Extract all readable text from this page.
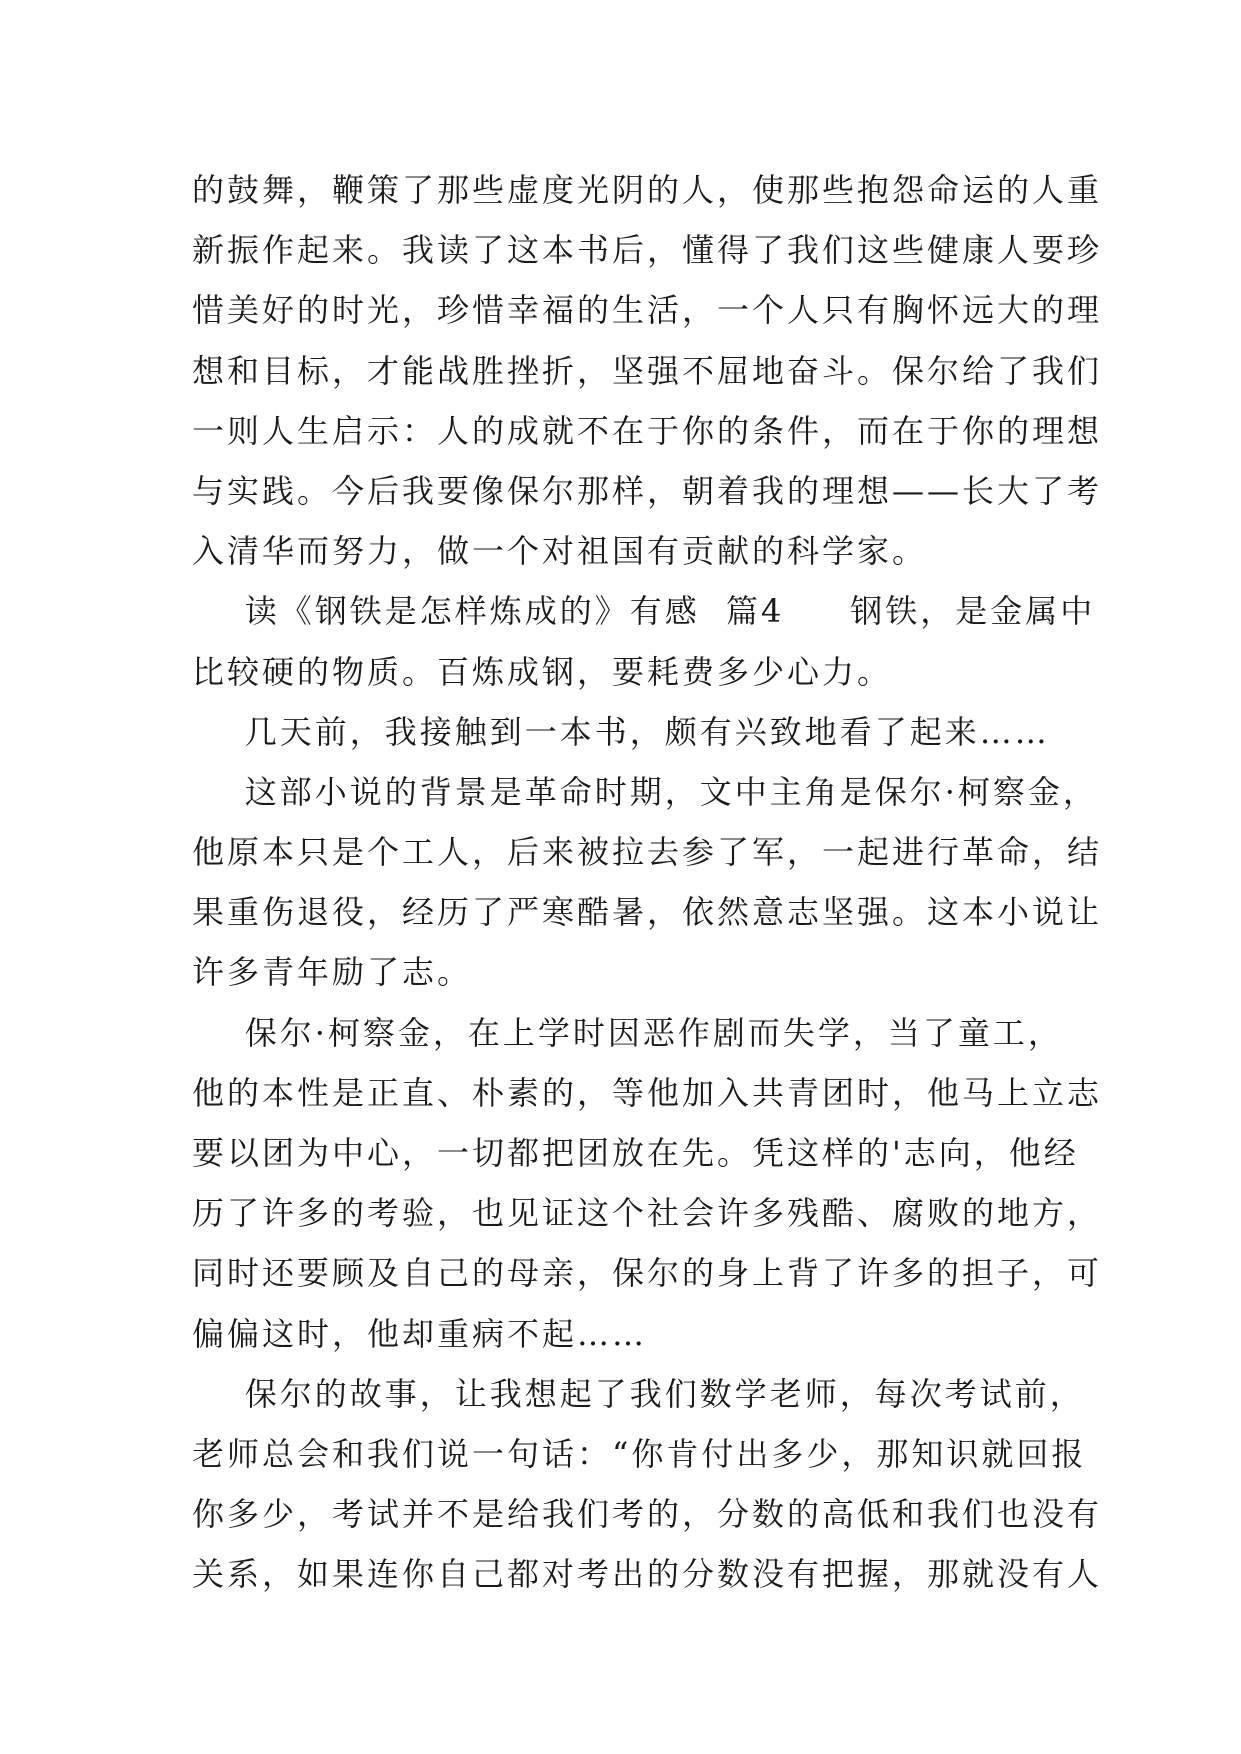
的鼓舞，鞭策了那些虚度光阴的人，使那些抱怨命运的人重

新振作起来。我读了这本书后，懂得了我们这些健康人要珍

惜美好的时光，珍惜幸福的生活，一个人只有胸怀远大的理

想和目标，才能战胜挫折，坚强不屈地奋斗。保尔给了我们

一则人生启示：人的成就不在于你的条件，而在于你的理想

与实践。今后我要像保尔那样，朝着我的理想——长大了考

入清华而努力，做一个对祖国有贡献的科学家。

读《钢铁是怎样炼成的》有感  篇4     钢铁，是金属中

比较硬的物质。百炼成钢，要耗费多少心力。

几天前，我接触到一本书，颇有兴致地看了起来……

这部小说的背景是革命时期，文中主角是保尔·柯察金，

他原本只是个工人，后来被拉去参了军，一起进行革命，结

果重伤退役，经历了严寒酷暑，依然意志坚强。这本小说让

许多青年励了志。

保尔·柯察金，在上学时因恶作剧而失学，当了童工，

他的本性是正直、朴素的，等他加入共青团时，他马上立志

要以团为中心，一切都把团放在先。凭这样的'志向，他经

历了许多的考验，也见证这个社会许多残酷、腐败的地方，

同时还要顾及自己的母亲，保尔的身上背了许多的担子，可

偏偏这时，他却重病不起……

保尔的故事，让我想起了我们数学老师，每次考试前，

老师总会和我们说一句话：“你肯付出多少，那知识就回报

你多少，考试并不是给我们考的，分数的高低和我们也没有

关系，如果连你自己都对考出的分数没有把握，那就没有人
